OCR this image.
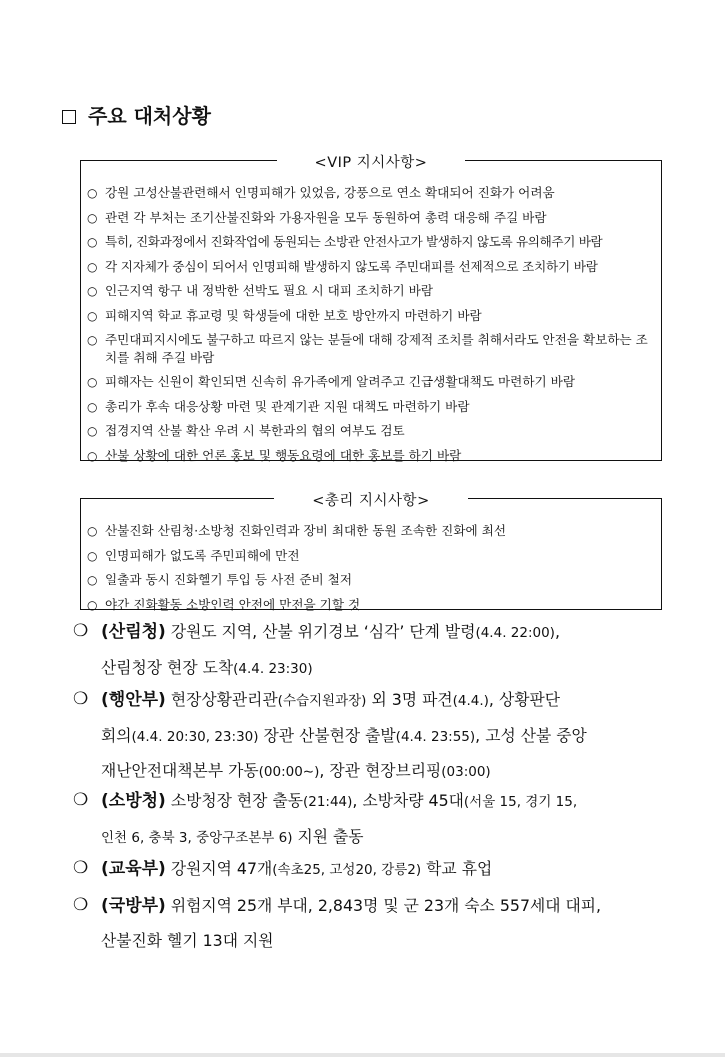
주요 대처상황
<VIP 지시사항>
○ 강원 고성산불관련해서 인명피해가 있었음, 강풍으로 연소 확대되어 진화가 어려움
○ 관련 각 부처는 조기산불진화와 가용자원을 모두 동원하여 총력 대응해 주길 바람
○ 특히, 진화과정에서 진화작업에 동원되는 소방관 안전사고가 발생하지 않도록 유의해주기 바람
○ 각 지자체가 중심이 되어서 인명피해 발생하지 않도록 주민대피를 선제적으로 조치하기 바람
○ 인근지역 항구 내 정박한 선박도 필요 시 대피 조치하기 바람
○ 피해지역 학교 휴교령 및 학생들에 대한 보호 방안까지 마련하기 바람
○ 주민대피지시에도 불구하고 따르지 않는 분들에 대해 강제적 조치를 취해서라도 안전을 확보하는 조치를 취해 주길 바람
○ 피해자는 신원이 확인되면 신속히 유가족에게 알려주고 긴급생활대책도 마련하기 바람
○ 총리가 후속 대응상황 마련 및 관계기관 지원 대책도 마련하기 바람
○ 접경지역 산불 확산 우려 시 북한과의 협의 여부도 검토
○ 산불 상황에 대한 언론 홍보 및 행동요령에 대한 홍보를 하기 바람
<총리 지시사항>
○ 산불진화 산림청·소방청 진화인력과 장비 최대한 동원 조속한 진화에 최선
○ 인명피해가 없도록 주민피해에 만전
○ 일출과 동시 진화헬기 투입 등 사전 준비 철저
○ 야간 진화활동 소방인력 안전에 만전을 기할 것
❍ (산림청) 강원도 지역, 산불 위기경보 ‘심각’ 단계 발령(4.4. 22:00),
산림청장 현장 도착(4.4. 23:30)
❍ (행안부) 현장상황관리관(수습지원과장) 외 3명 파견(4.4.), 상황판단
회의(4.4. 20:30, 23:30) 장관 산불현장 출발(4.4. 23:55), 고성 산불 중앙
재난안전대책본부 가동(00:00∼), 장관 현장브리핑(03:00)
❍ (소방청) 소방청장 현장 출동(21:44), 소방차량 45대(서울 15, 경기 15,
인천 6, 충북 3, 중앙구조본부 6) 지원 출동
❍ (교육부) 강원지역 47개(속초25, 고성20, 강릉2) 학교 휴업
❍ (국방부) 위험지역 25개 부대, 2,843명 및 군 23개 숙소 557세대 대피,
산불진화 헬기 13대 지원
